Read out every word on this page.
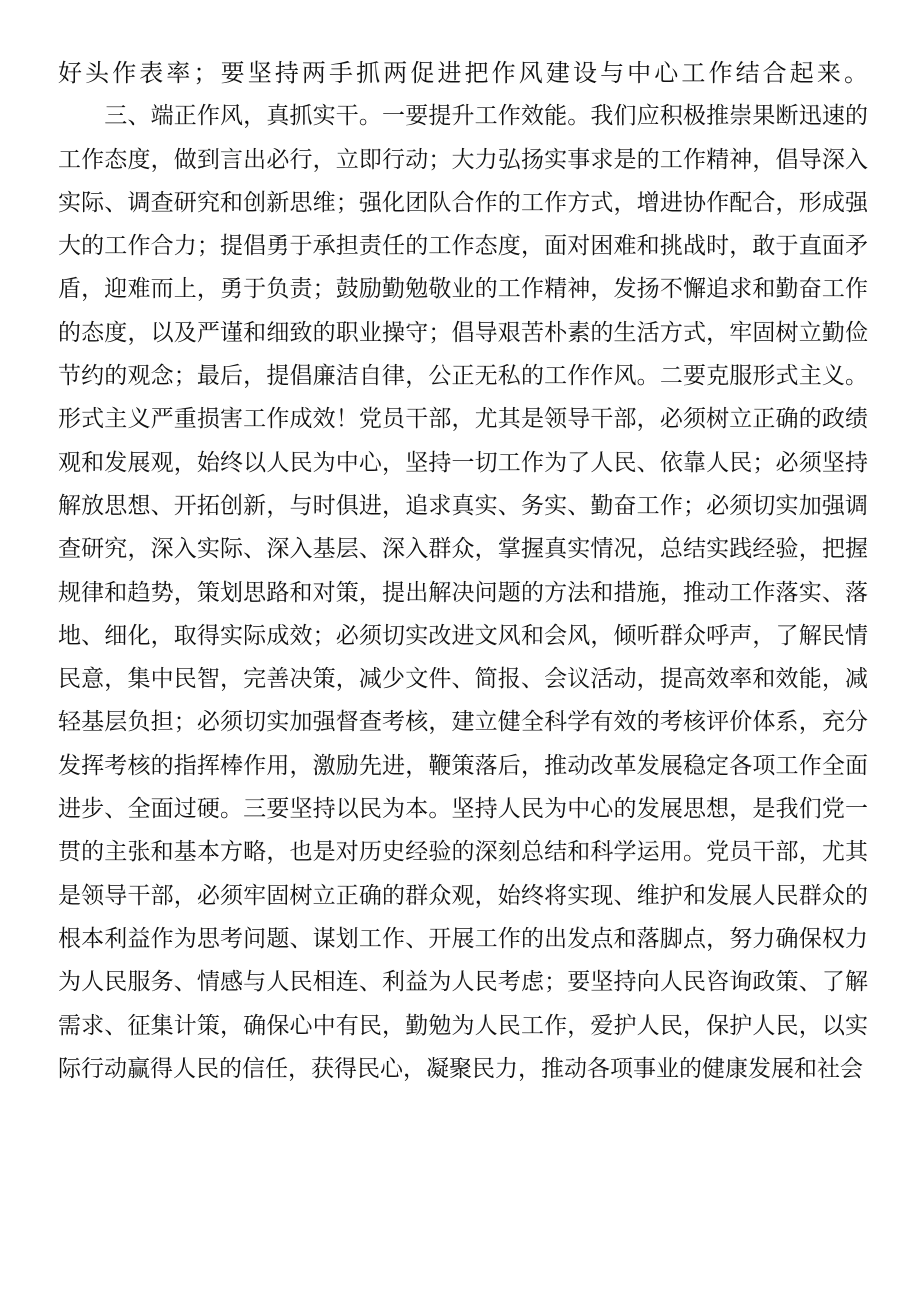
好头作表率；要坚持两手抓两促进把作风建设与中心工作结合起来。
　　三、端正作风，真抓实干。一要提升工作效能。我们应积极推崇果断迅速的
工作态度，做到言出必行，立即行动；大力弘扬实事求是的工作精神，倡导深入
实际、调查研究和创新思维；强化团队合作的工作方式，增进协作配合，形成强
大的工作合力；提倡勇于承担责任的工作态度，面对困难和挑战时，敢于直面矛
盾，迎难而上，勇于负责；鼓励勤勉敬业的工作精神，发扬不懈追求和勤奋工作
的态度，以及严谨和细致的职业操守；倡导艰苦朴素的生活方式，牢固树立勤俭
节约的观念；最后，提倡廉洁自律，公正无私的工作作风。二要克服形式主义。
形式主义严重损害工作成效！党员干部，尤其是领导干部，必须树立正确的政绩
观和发展观，始终以人民为中心，坚持一切工作为了人民、依靠人民；必须坚持
解放思想、开拓创新，与时俱进，追求真实、务实、勤奋工作；必须切实加强调
查研究，深入实际、深入基层、深入群众，掌握真实情况，总结实践经验，把握
规律和趋势，策划思路和对策，提出解决问题的方法和措施，推动工作落实、落
地、细化，取得实际成效；必须切实改进文风和会风，倾听群众呼声，了解民情
民意，集中民智，完善决策，减少文件、简报、会议活动，提高效率和效能，减
轻基层负担；必须切实加强督查考核，建立健全科学有效的考核评价体系，充分
发挥考核的指挥棒作用，激励先进，鞭策落后，推动改革发展稳定各项工作全面
进步、全面过硬。三要坚持以民为本。坚持人民为中心的发展思想，是我们党一
贯的主张和基本方略，也是对历史经验的深刻总结和科学运用。党员干部，尤其
是领导干部，必须牢固树立正确的群众观，始终将实现、维护和发展人民群众的
根本利益作为思考问题、谋划工作、开展工作的出发点和落脚点，努力确保权力
为人民服务、情感与人民相连、利益为人民考虑；要坚持向人民咨询政策、了解
需求、征集计策，确保心中有民，勤勉为人民工作，爱护人民，保护人民，以实
际行动赢得人民的信任，获得民心，凝聚民力，推动各项事业的健康发展和社会
